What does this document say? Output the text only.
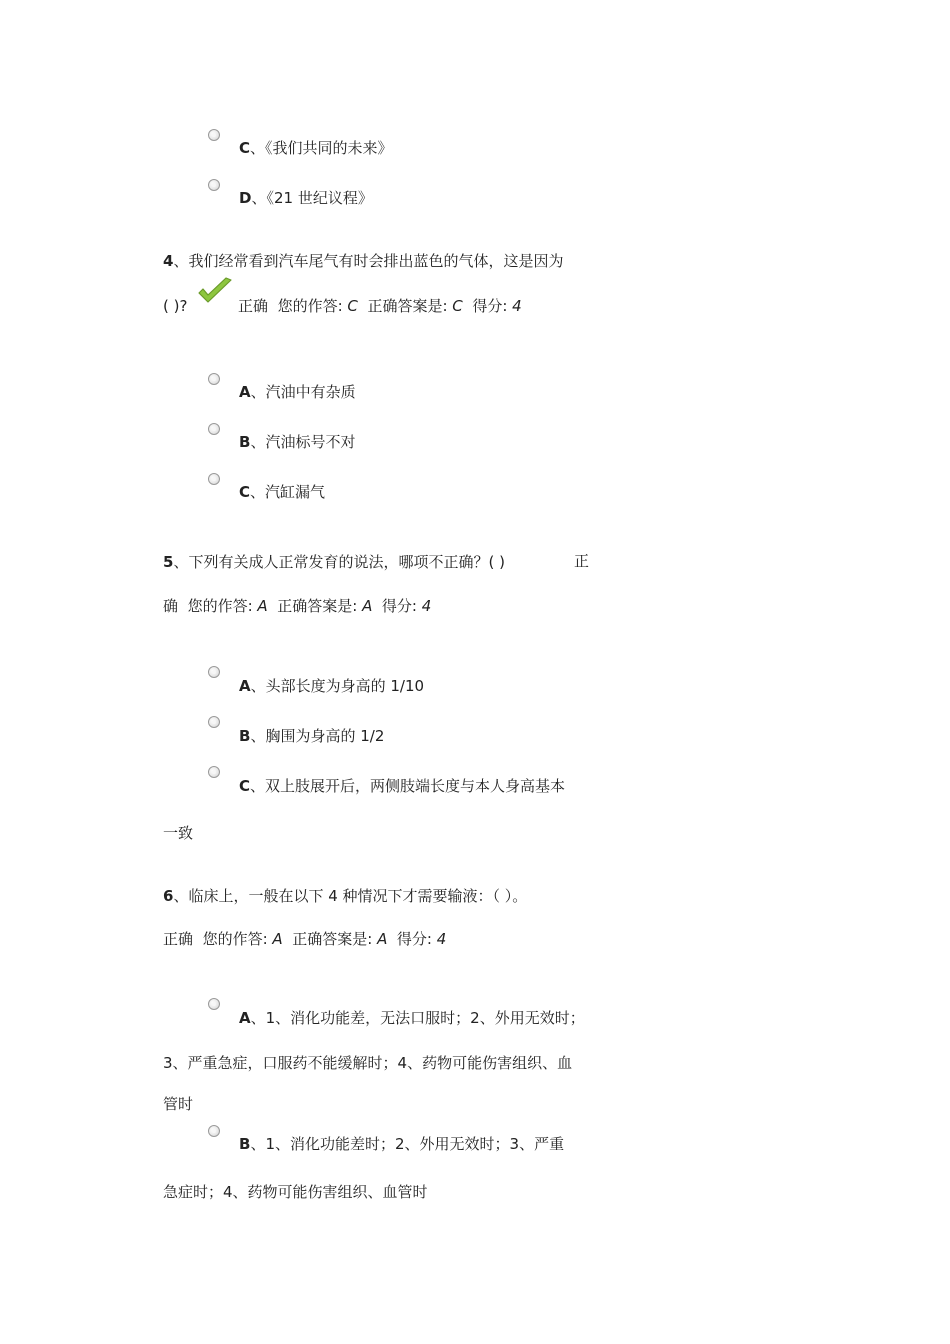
C、《我们共同的未来》
D、《21 世纪议程》
4、我们经常看到汽车尾气有时会排出蓝色的气体，这是因为
( )?	正确 您的作答: C 正确答案是: C 得分: 4
A、汽油中有杂质
B、汽油标号不对
C、汽缸漏气
5、下列有关成人正常发育的说法，哪项不正确？( )	正
确 您的作答: A 正确答案是: A 得分: 4
A、头部长度为身高的 1/10
B、胸围为身高的 1/2
C、双上肢展开后，两侧肢端长度与本人身高基本
一致
6、临床上，一般在以下 4 种情况下才需要输液：（ ）。
正确 您的作答: A 正确答案是: A 得分: 4
A、1、消化功能差，无法口服时；2、外用无效时；
3、严重急症，口服药不能缓解时；4、药物可能伤害组织、血
管时
B、1、消化功能差时；2、外用无效时；3、严重
急症时；4、药物可能伤害组织、血管时
